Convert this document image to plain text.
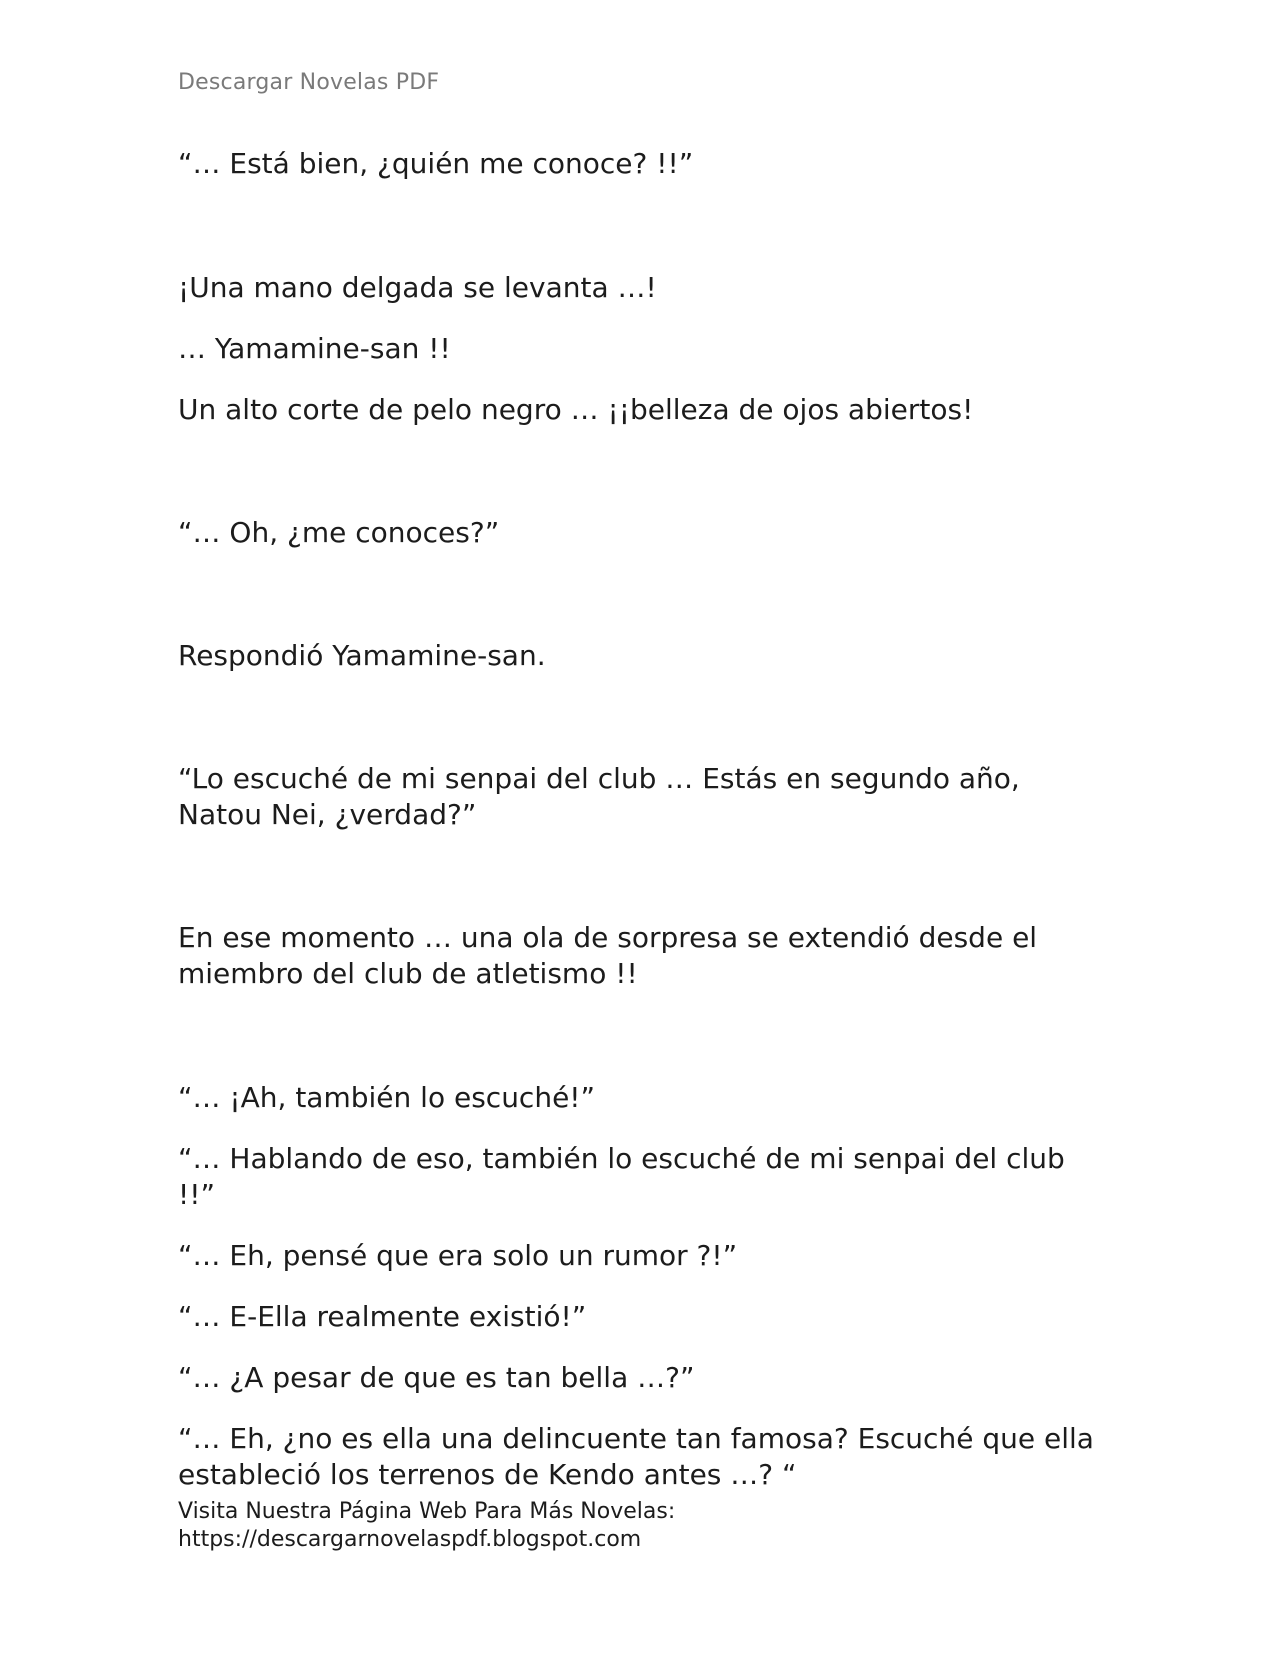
Descargar Novelas PDF

“… Está bien, ¿quién me conoce? !!”

¡Una mano delgada se levanta …!

… Yamamine-san !!

Un alto corte de pelo negro … ¡¡belleza de ojos abiertos!

“… Oh, ¿me conoces?”

Respondió Yamamine-san.

“Lo escuché de mi senpai del club … Estás en segundo año, Natou Nei, ¿verdad?”

En ese momento … una ola de sorpresa se extendió desde el miembro del club de atletismo !!

“… ¡Ah, también lo escuché!”

“… Hablando de eso, también lo escuché de mi senpai del club !!”

“… Eh, pensé que era solo un rumor ?!”

“… E-Ella realmente existió!”

“… ¿A pesar de que es tan bella …?”

“… Eh, ¿no es ella una delincuente tan famosa? Escuché que ella estableció los terrenos de Kendo antes …? “

Visita Nuestra Página Web Para Más Novelas:
https://descargarnovelaspdf.blogspot.com
